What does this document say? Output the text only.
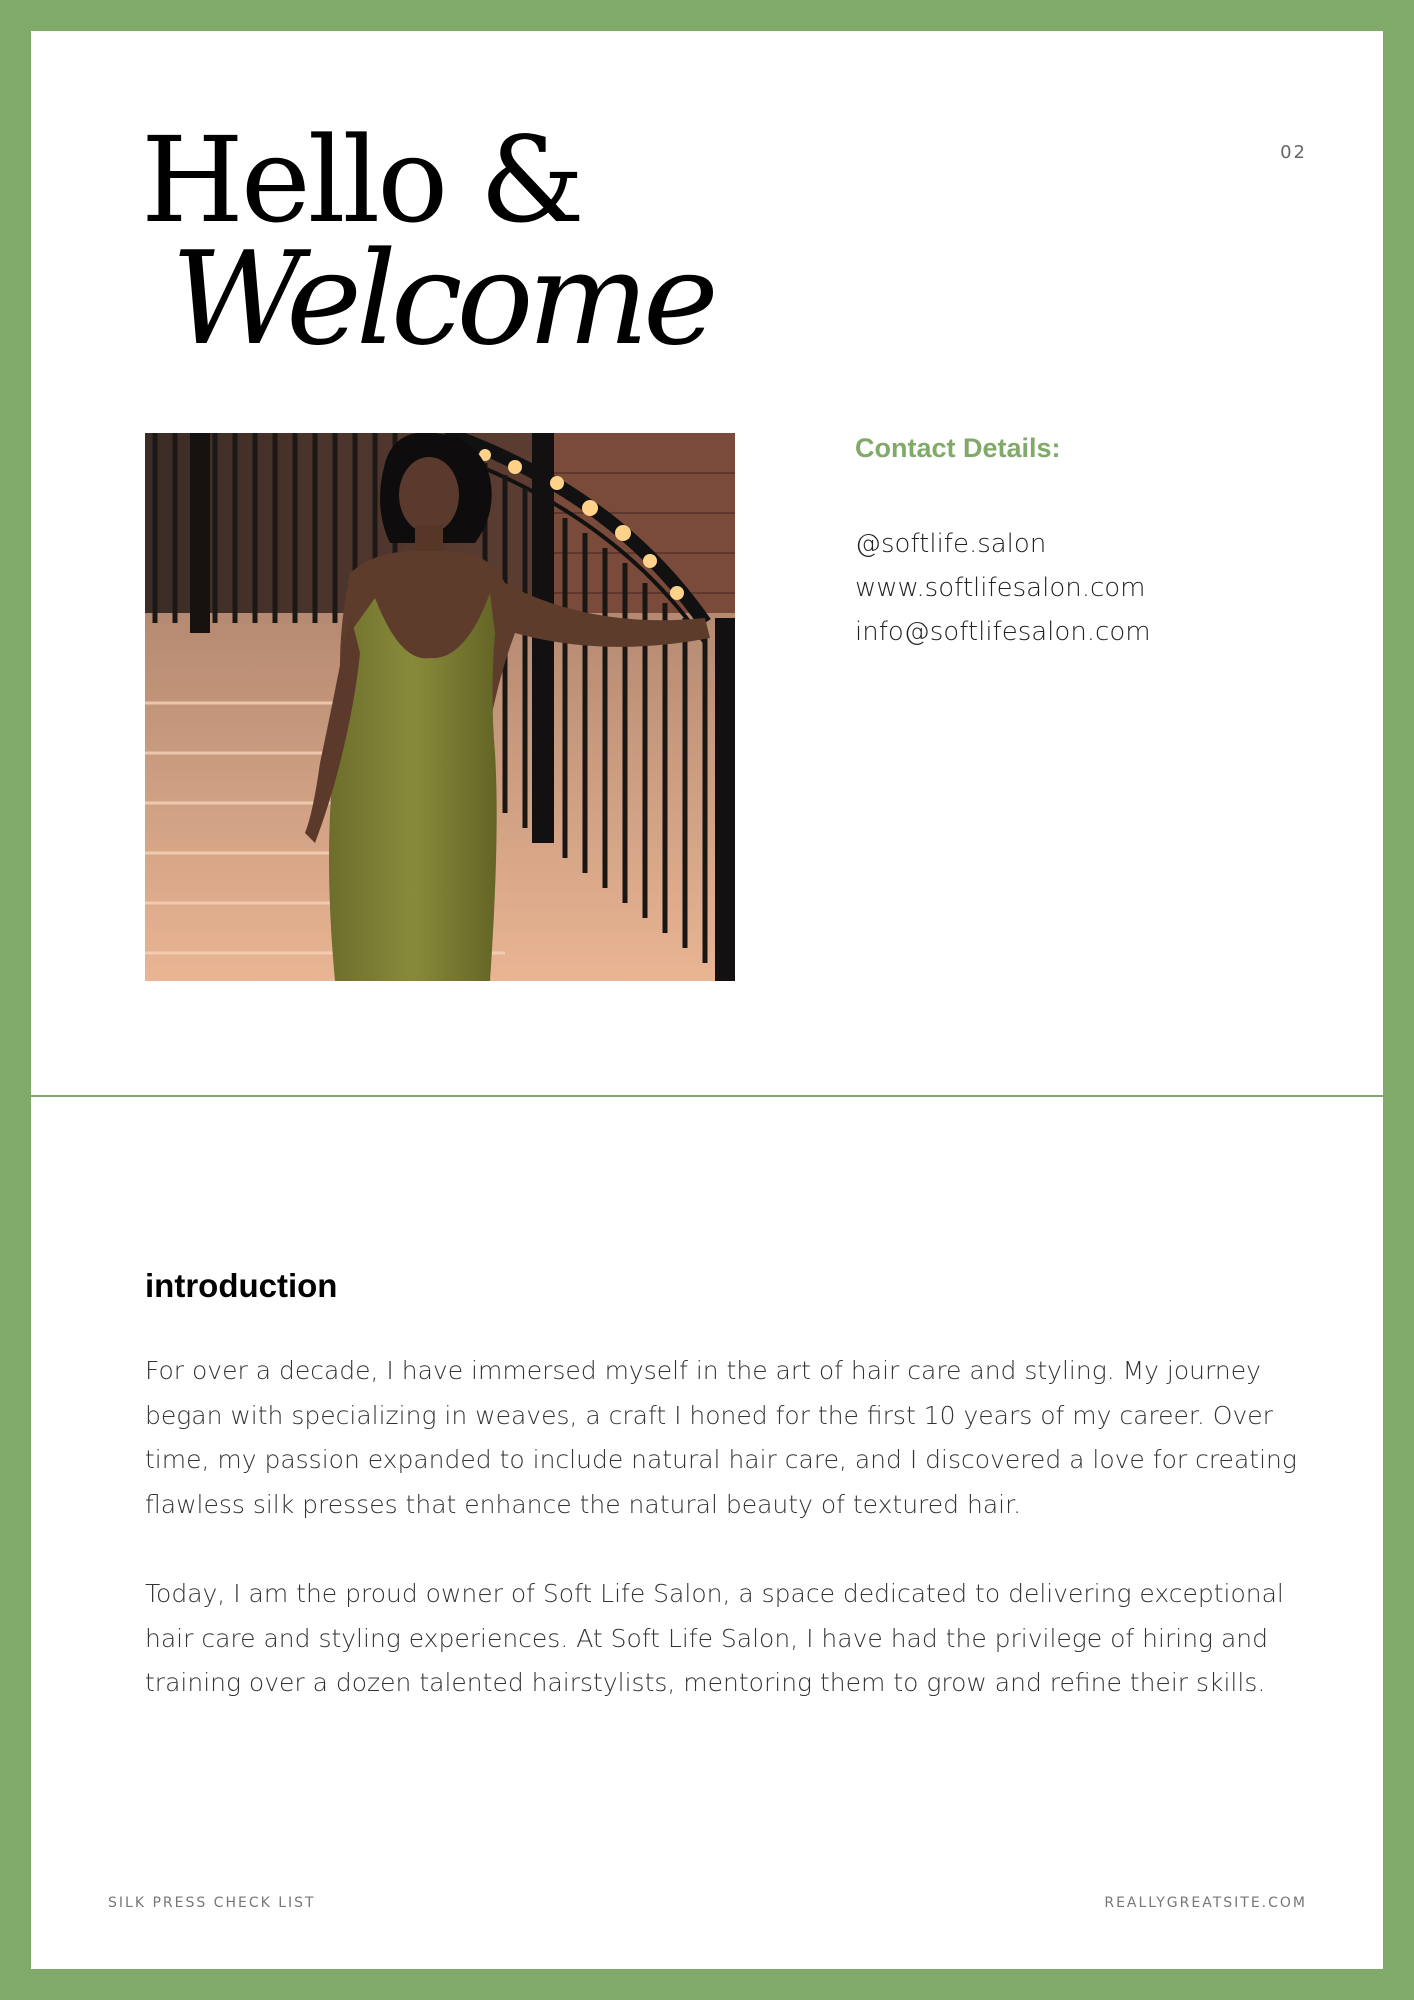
02
Hello &
Welcome
Contact Details:
@softlife.salon
www.softlifesalon.com
info@softlifesalon.com
introduction

For over a decade, I have immersed myself in the art of hair care and styling. My journey began with specializing in weaves, a craft I honed for the first 10 years of my career. Over time, my passion expanded to include natural hair care, and I discovered a love for creating flawless silk presses that enhance the natural beauty of textured hair.

Today, I am the proud owner of Soft Life Salon, a space dedicated to delivering exceptional hair care and styling experiences. At Soft Life Salon, I have had the privilege of hiring and training over a dozen talented hairstylists, mentoring them to grow and refine their skills.

SILK PRESS CHECK LIST	REALLYGREATSITE.COM
